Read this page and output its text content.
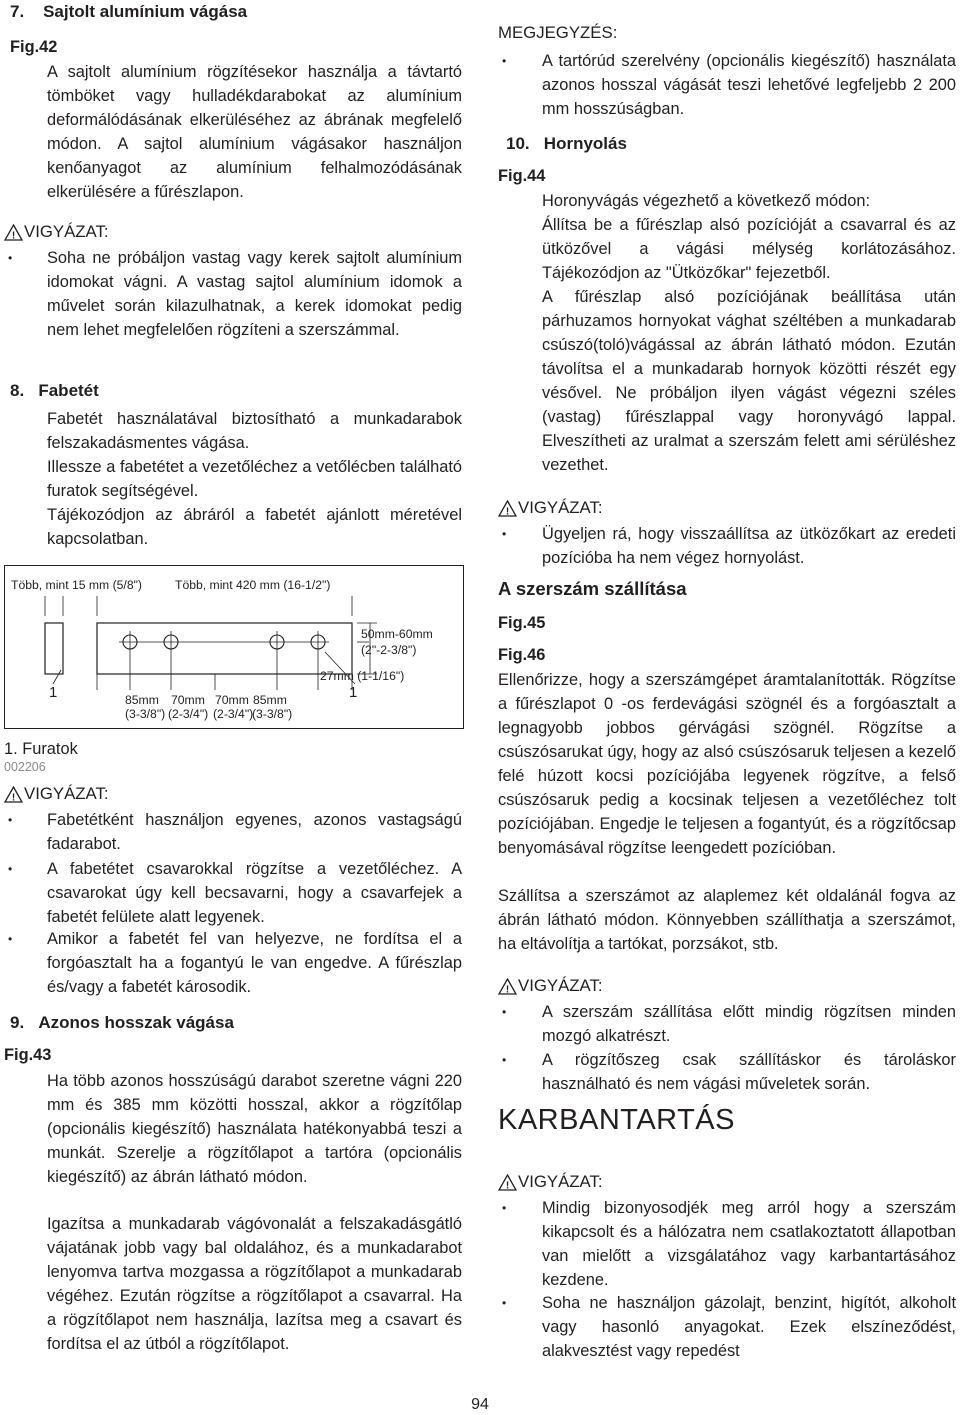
7.    Sajtolt alumínium vágása
Fig.42

A sajtolt alumínium rögzítésekor használja a távtartó tömböket vagy hulladékdarabokat az alumínium deformálódásának elkerüléséhez az ábrának megfelelő módon. A sajtol alumínium vágásakor használjon kenőanyagot az alumínium felhalmozódásának elkerülésére a fűrészlapon.

! VIGYÁZAT:
• Soha ne próbáljon vastag vagy kerek sajtolt alumínium idomokat vágni. A vastag sajtol alumínium idomok a művelet során kilazulhatnak, a kerek idomokat pedig nem lehet megfelelően rögzíteni a szerszámmal.

8.   Fabetét

Fabetét használatával biztosítható a munkadarabok felszakadásmentes vágása.

Illessze a fabetétet a vezetőléchez a vetőlécben található furatok segítségével.

Tájékozódjon az ábráról a fabetét ajánlott méretével kapcsolatban.

Több, mint 15 mm (5/8")	Több, mint 420 mm (16-1/2")
50mm-60mm
(2"-2-3/8")
27mm (1-1/16")
1	1
85mm
(3-3/8")
70mm
(2-3/4")
70mm
(2-3/4")
85mm
(3-3/8")
1. Furatok
002206
! VIGYÁZAT:
• Fabetétként használjon egyenes, azonos vastagságú fadarabot.

• A fabetétet csavarokkal rögzítse a vezetőléchez. A csavarokat úgy kell becsavarni, hogy a csavarfejek a fabetét felülete alatt legyenek.

• Amikor a fabetét fel van helyezve, ne fordítsa el a forgóasztalt ha a fogantyú le van engedve. A fűrészlap és/vagy a fabetét károsodik.

9.   Azonos hosszak vágása
Fig.43

Ha több azonos hosszúságú darabot szeretne vágni 220 mm és 385 mm közötti hosszal, akkor a rögzítőlap (opcionális kiegészítő) használata hatékonyabbá teszi a munkát. Szerelje a rögzítőlapot a tartóra (opcionális kiegészítő) az ábrán látható módon.

Igazítsa a munkadarab vágóvonalát a felszakadásgátló vájatának jobb vagy bal oldalához, és a munkadarabot lenyomva tartva mozgassa a rögzítőlapot a munkadarab végéhez. Ezután rögzítse a rögzítőlapot a csavarral. Ha a rögzítőlapot nem használja, lazítsa meg a csavart és fordítsa el az útból a rögzítőlapot.

MEGJEGYZÉS:
• A tartórúd szerelvény (opcionális kiegészítő) használata azonos hosszal vágását teszi lehetővé legfeljebb 2 200 mm hosszúságban.

10.   Hornyolás
Fig.44

Horonyvágás végezhető a következő módon:

Állítsa be a fűrészlap alsó pozícióját a csavarral és az ütközővel a vágási mélység korlátozásához. Tájékozódjon az "Ütközőkar" fejezetből.

A fűrészlap alsó pozíciójának beállítása után párhuzamos hornyokat vághat széltében a munkadarab csúszó(toló)vágással az ábrán látható módon. Ezután távolítsa el a munkadarab hornyok közötti részét egy vésővel. Ne próbáljon ilyen vágást végezni széles (vastag) fűrészlappal vagy horonyvágó lappal. Elveszítheti az uralmat a szerszám felett ami sérüléshez vezethet.

! VIGYÁZAT:
• Ügyeljen rá, hogy visszaállítsa az ütközőkart az eredeti pozícióba ha nem végez hornyolást.

A szerszám szállítása
Fig.45
Fig.46

Ellenőrizze, hogy a szerszámgépet áramtalanították. Rögzítse a fűrészlapot 0 -os ferdevágási szögnél és a forgóasztalt a legnagyobb jobbos gérvágási szögnél. Rögzítse a csúszósarukat úgy, hogy az alsó csúszósaruk teljesen a kezelő felé húzott kocsi pozíciójába legyenek rögzítve, a felső csúszósaruk pedig a kocsinak teljesen a vezetőléchez tolt pozíciójában. Engedje le teljesen a fogantyút, és a rögzítőcsap benyomásával rögzítse leengedett pozícióban.

Szállítsa a szerszámot az alaplemez két oldalánál fogva az ábrán látható módon. Könnyebben szállíthatja a szerszámot, ha eltávolítja a tartókat, porzsákot, stb.

! VIGYÁZAT:
• A szerszám szállítása előtt mindig rögzítsen minden mozgó alkatrészt.

• A rögzítőszeg csak szállításkor és tároláskor használható és nem vágási műveletek során.

KARBANTARTÁS
! VIGYÁZAT:
• Mindig bizonyosodjék meg arról hogy a szerszám kikapcsolt és a hálózatra nem csatlakoztatott állapotban van mielőtt a vizsgálatához vagy karbantartásához kezdene.

• Soha ne használjon gázolajt, benzint, higítót, alkoholt vagy hasonló anyagokat. Ezek elszíneződést, alakvesztést vagy repedést

94
